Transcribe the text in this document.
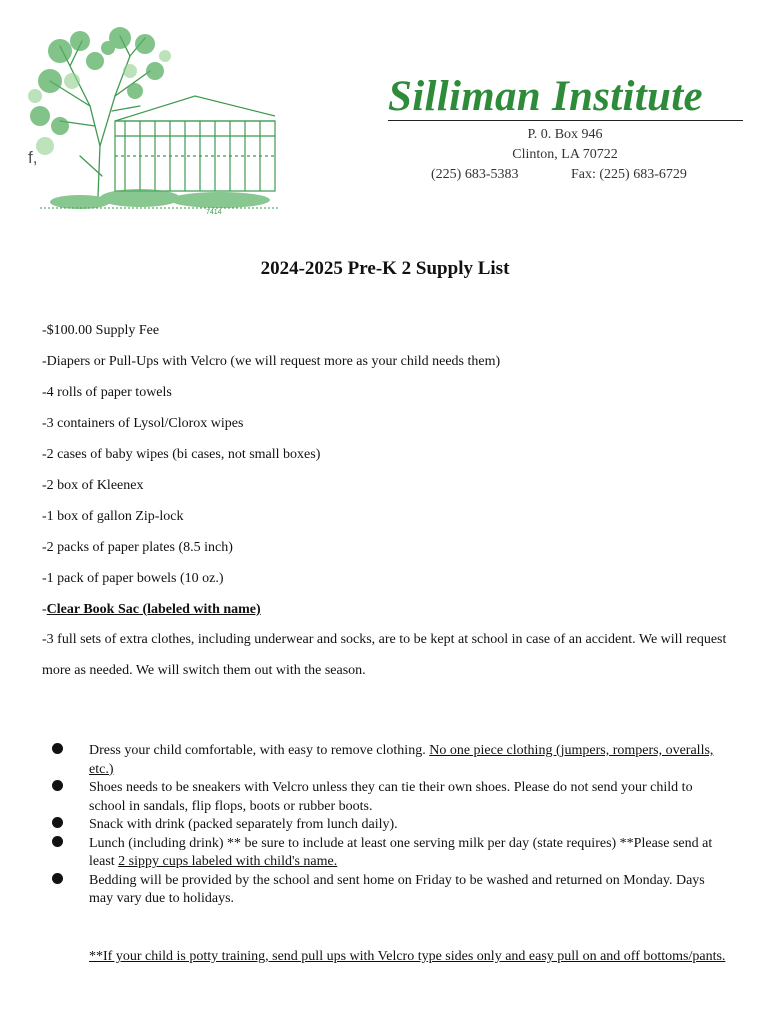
7414
f,
Silliman Institute
P. 0. Box 946
Clinton, LA 70722
(225) 683-5383	Fax: (225) 683-6729
2024-2025 Pre-K 2 Supply List
-$100.00 Supply Fee
-Diapers or Pull-Ups with Velcro (we will request more as your child needs them)
-4 rolls of paper towels
-3 containers of Lysol/Clorox wipes
-2 cases of baby wipes (bi cases, not small boxes)
-2 box of Kleenex
-1 box of gallon Zip-lock
-2 packs of paper plates (8.5 inch)
-1 pack of paper bowels (10 oz.)
-Clear Book Sac (labeled with name)
-3 full sets of extra clothes, including underwear and socks, are to be kept at school in case of an accident. We will request more as needed. We will switch them out with the season.
Dress your child comfortable, with easy to remove clothing. No one piece clothing (jumpers, rompers, overalls, etc.)
Shoes needs to be sneakers with Velcro unless they can tie their own shoes. Please do not send your child to school in sandals, flip flops, boots or rubber boots.
Snack with drink (packed separately from lunch daily).
Lunch (including drink) ** be sure to include at least one serving milk per day (state requires) **Please send at least 2 sippy cups labeled with child's name.
Bedding will be provided by the school and sent home on Friday to be washed and returned on Monday. Days may vary due to holidays.
**If your child is potty training, send pull ups with Velcro type sides only and easy pull on and off bottoms/pants.
